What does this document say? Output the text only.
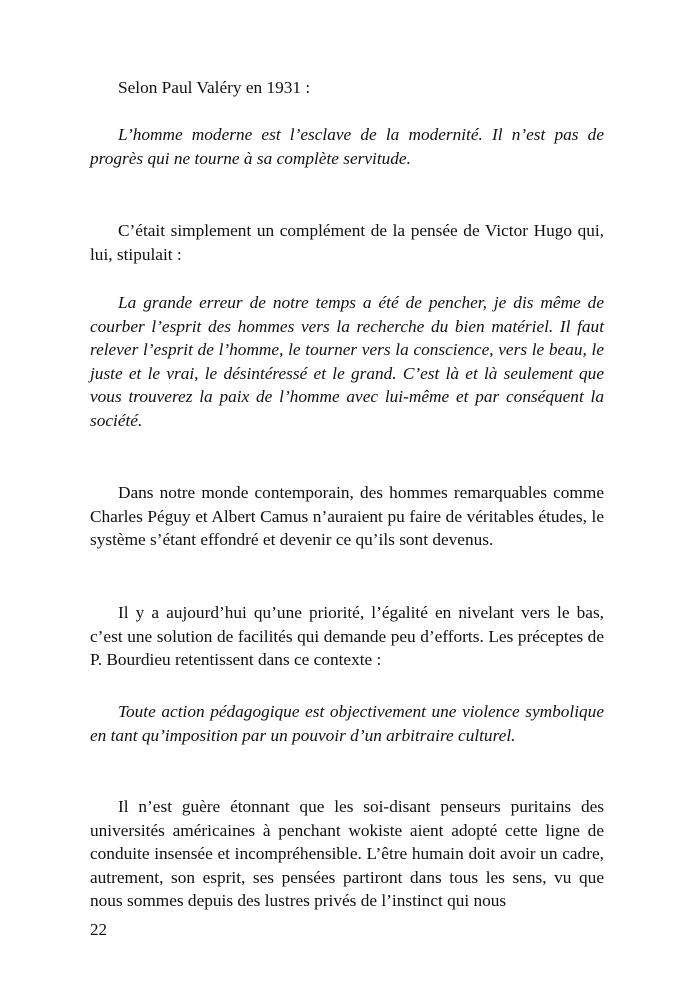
Selon Paul Valéry en 1931 :

L’homme moderne est l’esclave de la modernité. Il n’est pas de progrès qui ne tourne à sa complète servitude.

C’était simplement un complément de la pensée de Victor Hugo qui, lui, stipulait :

La grande erreur de notre temps a été de pencher, je dis même de courber l’esprit des hommes vers la recherche du bien matériel. Il faut relever l’esprit de l’homme, le tourner vers la conscience, vers le beau, le juste et le vrai, le désintéressé et le grand. C’est là et là seulement que vous trouverez la paix de l’homme avec lui-même et par conséquent la société.

Dans notre monde contemporain, des hommes remarquables comme Charles Péguy et Albert Camus n’auraient pu faire de véritables études, le système s’étant effondré et devenir ce qu’ils sont devenus.

Il y a aujourd’hui qu’une priorité, l’égalité en nivelant vers le bas, c’est une solution de facilités qui demande peu d’efforts. Les préceptes de P. Bourdieu retentissent dans ce contexte :

Toute action pédagogique est objectivement une violence symbolique en tant qu’imposition par un pouvoir d’un arbitraire culturel.

Il n’est guère étonnant que les soi-disant penseurs puritains des universités américaines à penchant wokiste aient adopté cette ligne de conduite insensée et incompréhensible. L’être humain doit avoir un cadre, autrement, son esprit, ses pensées partiront dans tous les sens, vu que nous sommes depuis des lustres privés de l’instinct qui nous

22
